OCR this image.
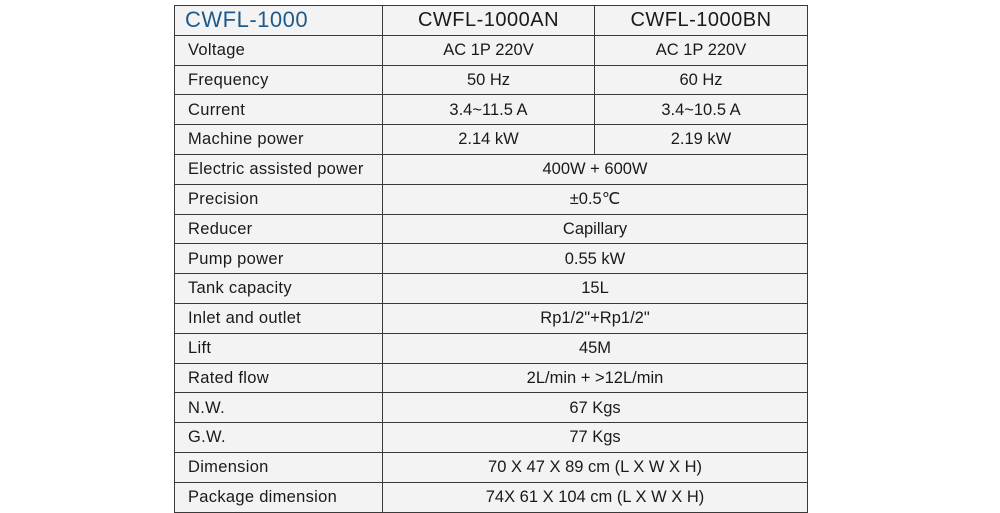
CWFL-1000	CWFL-1000AN	CWFL-1000BN
Voltage	AC 1P 220V	AC 1P 220V
Frequency	50 Hz	60 Hz
Current	3.4~11.5 A	3.4~10.5 A
Machine power	2.14 kW	2.19 kW
Electric assisted power	400W + 600W	
Precision	±0.5℃	
Reducer	Capillary	
Pump power	0.55 kW	
Tank capacity	15L	
Inlet and outlet	Rp1/2"+Rp1/2"	
Lift	45M	
Rated flow	2L/min + >12L/min	
N.W.	67 Kgs	
G.W.	77 Kgs	
Dimension	70 X 47 X 89 cm (L X W X H)	
Package dimension	74X 61 X 104 cm (L X W X H)	
